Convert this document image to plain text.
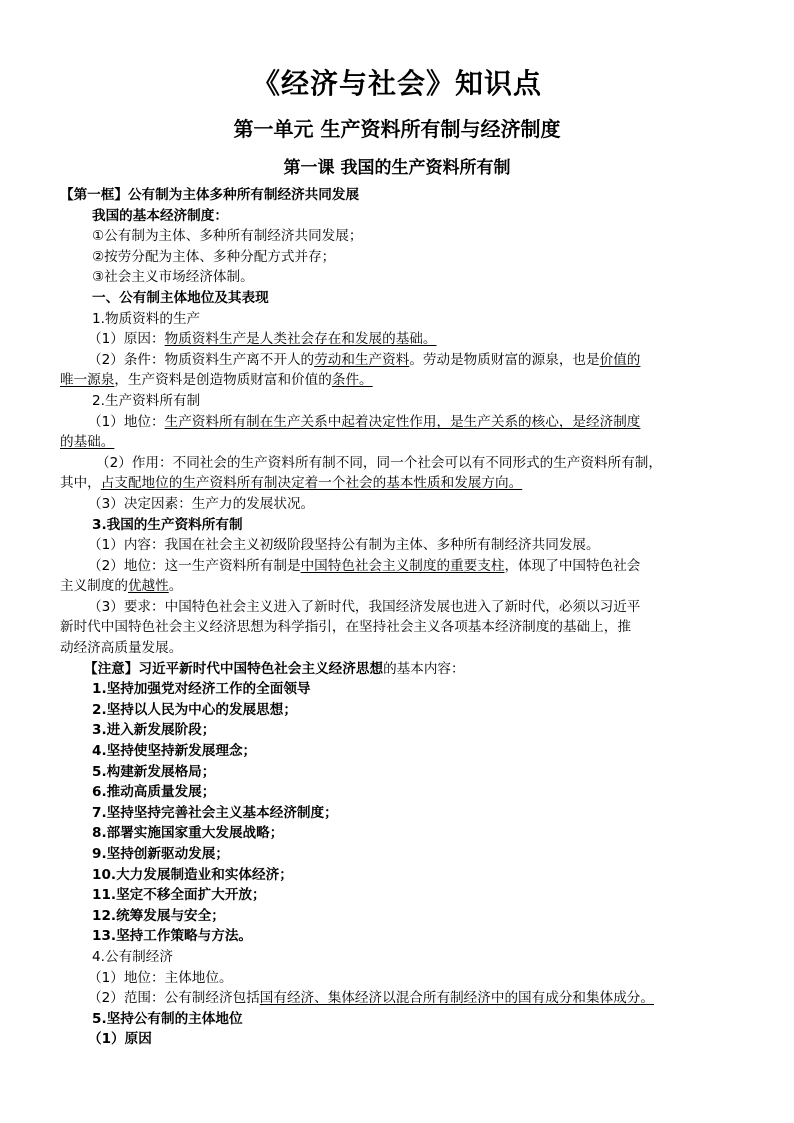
《经济与社会》知识点
第一单元 生产资料所有制与经济制度
第一课 我国的生产资料所有制
【第一框】公有制为主体多种所有制经济共同发展
我国的基本经济制度：
①公有制为主体、多种所有制经济共同发展；
②按劳分配为主体、多种分配方式并存；
③社会主义市场经济体制。
一、公有制主体地位及其表现
1.物质资料的生产
（1）原因：物质资料生产是人类社会存在和发展的基础。
（2）条件：物质资料生产离不开人的劳动和生产资料。劳动是物质财富的源泉，也是价值的
唯一源泉，生产资料是创造物质财富和价值的条件。
2.生产资料所有制
（1）地位：生产资料所有制在生产关系中起着决定性作用，是生产关系的核心，是经济制度
的基础。
（2）作用：不同社会的生产资料所有制不同，同一个社会可以有不同形式的生产资料所有制，
其中，占支配地位的生产资料所有制决定着一个社会的基本性质和发展方向。
（3）决定因素：生产力的发展状况。
3.我国的生产资料所有制
（1）内容：我国在社会主义初级阶段坚持公有制为主体、多种所有制经济共同发展。
（2）地位：这一生产资料所有制是中国特色社会主义制度的重要支柱，体现了中国特色社会
主义制度的优越性。
（3）要求：中国特色社会主义进入了新时代，我国经济发展也进入了新时代，必须以习近平
新时代中国特色社会主义经济思想为科学指引，在坚持社会主义各项基本经济制度的基础上，推
动经济高质量发展。
【注意】习近平新时代中国特色社会主义经济思想的基本内容：
1.坚持加强党对经济工作的全面领导
2.坚持以人民为中心的发展思想；
3.进入新发展阶段；
4.坚持使坚持新发展理念；
5.构建新发展格局；
6.推动高质量发展；
7.坚持坚持完善社会主义基本经济制度；
8.部署实施国家重大发展战略；
9.坚持创新驱动发展；
10.大力发展制造业和实体经济；
11.坚定不移全面扩大开放；
12.统筹发展与安全；
13.坚持工作策略与方法。
4.公有制经济
（1）地位：主体地位。
（2）范围：公有制经济包括国有经济、集体经济以混合所有制经济中的国有成分和集体成分。
5.坚持公有制的主体地位
（1）原因
